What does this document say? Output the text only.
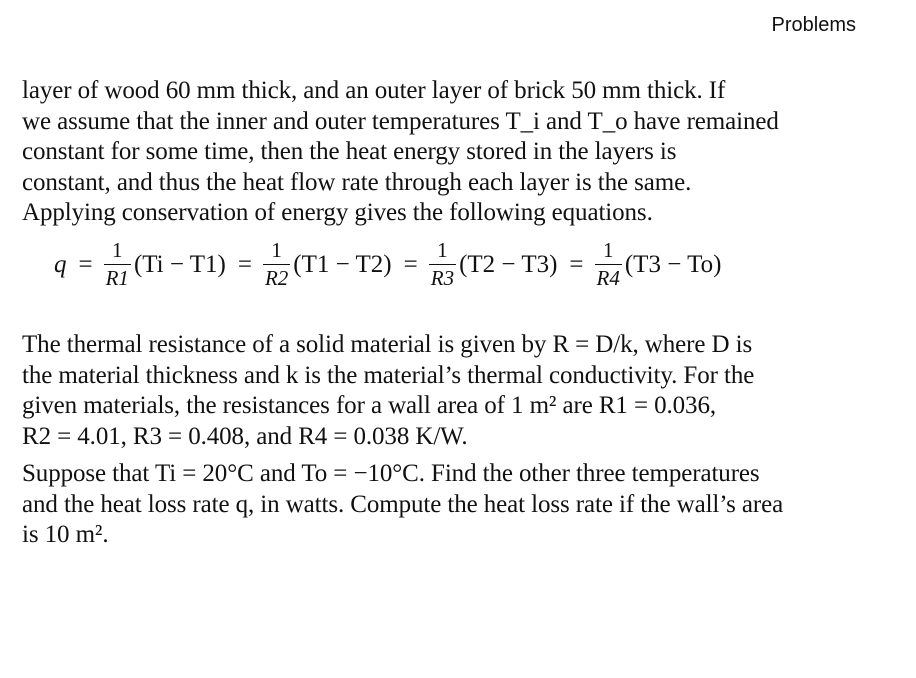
Problems
layer of wood 60 mm thick, and an outer layer of brick 50 mm thick. If
we assume that the inner and outer temperatures T_i and T_o have remained
constant for some time, then the heat energy stored in the layers is
constant, and thus the heat flow rate through each layer is the same.
Applying conservation of energy gives the following equations.
$q = \frac{1}{R1} (Ti - T1) = \frac{1}{R2} (T1 - T2) = \frac{1}{R3} (T2 - T3) = \frac{1}{R4} (T3 - To)$
The thermal resistance of a solid material is given by R = D/k, where D is
the material thickness and k is the material’s thermal conductivity. For the
given materials, the resistances for a wall area of 1 m² are R1 = 0.036,
R2 = 4.01, R3 = 0.408, and R4 = 0.038 K/W.
Suppose that Ti = 20°C and To = −10°C. Find the other three temperatures
and the heat loss rate q, in watts. Compute the heat loss rate if the wall’s area
is 10 m².
